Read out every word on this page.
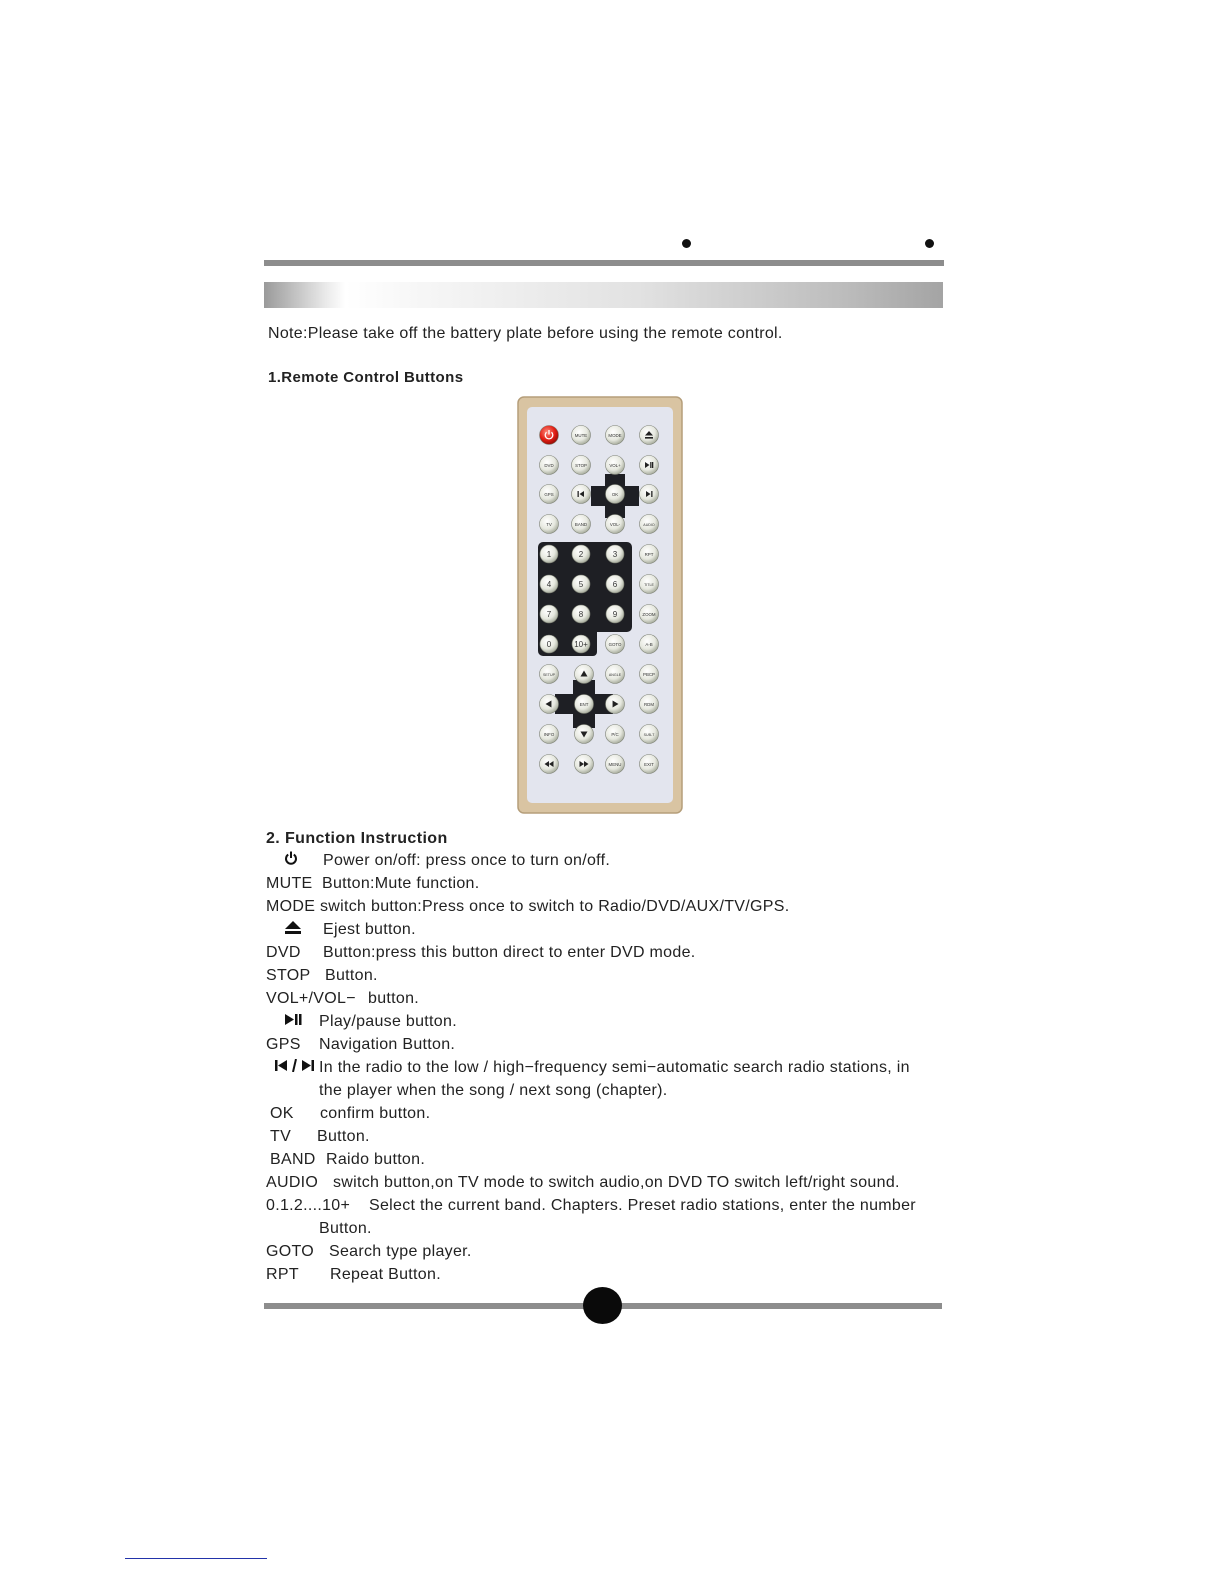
Note:Please take off the battery plate before using the remote control.
1.Remote Control Buttons
MUTE	MODE
DVD	STOP	VOL+
GPS	OK
TV	BAND	VOL-	AUDIO
1	2	3
4	5	6
7	8	9
0	10+	GOTO
RPT
TITLE
ZOOM
A-B
SETUP	ANGLE	PBCP
ENT	RDM
INFO	P/C	SUB-T
MENU	EXIT
2. Function Instruction
Power on/off: press once to turn on/off.
MUTE Button:Mute function.
MODE switch button:Press once to switch to Radio/DVD/AUX/TV/GPS.
Ejest button.
DVD Button:press this button direct to enter DVD mode.
STOP Button.
VOL+/VOL− button.
Play/pause button.
GPS Navigation Button.
In the radio to the low / high−frequency semi−automatic search radio stations, in
the player when the song / next song (chapter).
OK confirm button.
TV Button.
BAND Raido button.
AUDIO switch button,on TV mode to switch audio,on DVD TO switch left/right sound.
0.1.2....10+ Select the current band. Chapters. Preset radio stations, enter the number
Button.
GOTO Search type player.
RPT Repeat Button.
